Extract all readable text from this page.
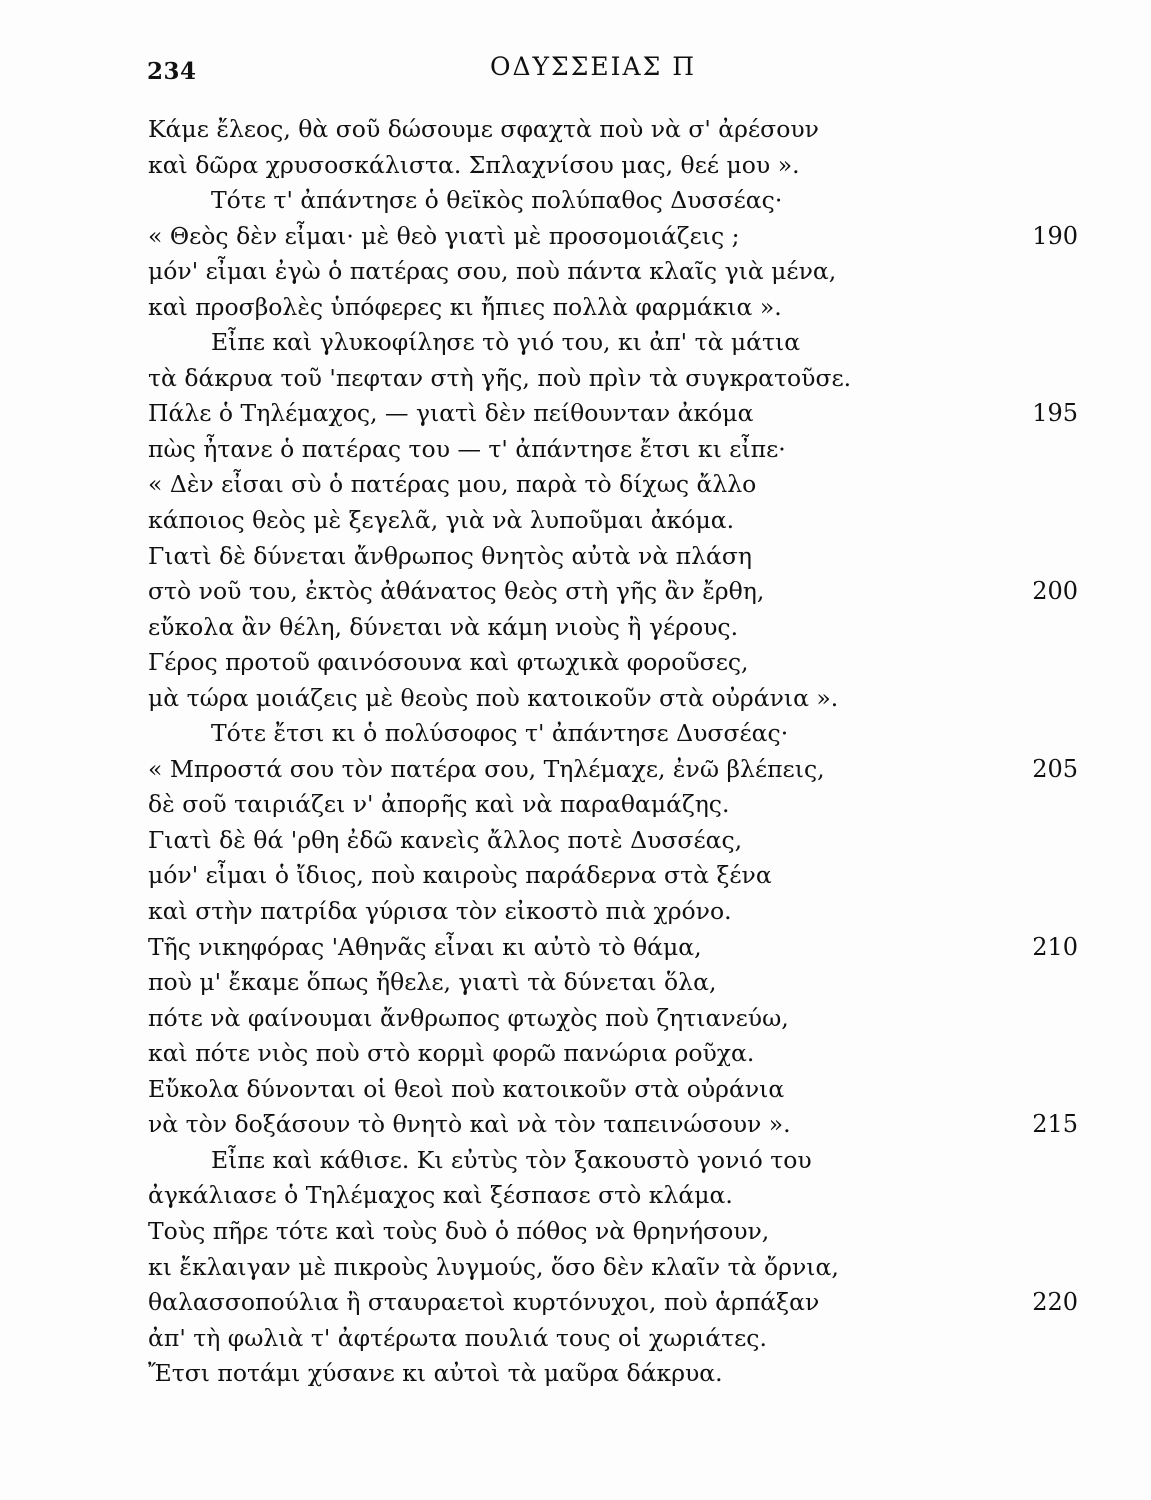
234	ΟΔΥΣΣΕΙΑΣ Π
Κάμε ἔλεος, θὰ σοῦ δώσουμε σφαχτὰ ποὺ νὰ σ' ἀρέσουν
καὶ δῶρα χρυσοσκάλιστα. Σπλαχνίσου μας, θεέ μου ».
Τότε τ' ἀπάντησε ὁ θεϊκὸς πολύπαθος Δυσσέας·
« Θεὸς δὲν εἶμαι· μὲ θεὸ γιατὶ μὲ προσομοιάζεις ;	190
μόν' εἶμαι ἐγὼ ὁ πατέρας σου, ποὺ πάντα κλαῖς γιὰ μένα,
καὶ προσβολὲς ὑπόφερες κι ἤπιες πολλὰ φαρμάκια ».
Εἶπε καὶ γλυκοφίλησε τὸ γιό του, κι ἀπ' τὰ μάτια
τὰ δάκρυα τοῦ 'πεφταν στὴ γῆς, ποὺ πρὶν τὰ συγκρατοῦσε.
Πάλε ὁ Τηλέμαχος, — γιατὶ δὲν πείθουνταν ἀκόμα	195
πὼς ἦτανε ὁ πατέρας του — τ' ἀπάντησε ἔτσι κι εἶπε·
« Δὲν εἶσαι σὺ ὁ πατέρας μου, παρὰ τὸ δίχως ἄλλο
κάποιος θεὸς μὲ ξεγελᾶ, γιὰ νὰ λυποῦμαι ἀκόμα.
Γιατὶ δὲ δύνεται ἄνθρωπος θνητὸς αὐτὰ νὰ πλάση
στὸ νοῦ του, ἐκτὸς ἀθάνατος θεὸς στὴ γῆς ἂν ἔρθη,	200
εὔκολα ἂν θέλη, δύνεται νὰ κάμη νιοὺς ἢ γέρους.
Γέρος προτοῦ φαινόσουνα καὶ φτωχικὰ φοροῦσες,
μὰ τώρα μοιάζεις μὲ θεοὺς ποὺ κατοικοῦν στὰ οὐράνια ».
Τότε ἔτσι κι ὁ πολύσοφος τ' ἀπάντησε Δυσσέας·
« Μπροστά σου τὸν πατέρα σου, Τηλέμαχε, ἐνῶ βλέπεις,	205
δὲ σοῦ ταιριάζει ν' ἀπορῆς καὶ νὰ παραθαμάζης.
Γιατὶ δὲ θά 'ρθη ἐδῶ κανεὶς ἄλλος ποτὲ Δυσσέας,
μόν' εἶμαι ὁ ἴδιος, ποὺ καιροὺς παράδερνα στὰ ξένα
καὶ στὴν πατρίδα γύρισα τὸν εἰκοστὸ πιὰ χρόνο.
Τῆς νικηφόρας 'Αθηνᾶς εἶναι κι αὐτὸ τὸ θάμα,	210
ποὺ μ' ἔκαμε ὅπως ἤθελε, γιατὶ τὰ δύνεται ὅλα,
πότε νὰ φαίνουμαι ἄνθρωπος φτωχὸς ποὺ ζητιανεύω,
καὶ πότε νιὸς ποὺ στὸ κορμὶ φορῶ πανώρια ροῦχα.
Εὔκολα δύνονται οἱ θεοὶ ποὺ κατοικοῦν στὰ οὐράνια
νὰ τὸν δοξάσουν τὸ θνητὸ καὶ νὰ τὸν ταπεινώσουν ».	215
Εἶπε καὶ κάθισε. Κι εὐτὺς τὸν ξακουστὸ γονιό του
ἀγκάλιασε ὁ Τηλέμαχος καὶ ξέσπασε στὸ κλάμα.
Τοὺς πῆρε τότε καὶ τοὺς δυὸ ὁ πόθος νὰ θρηνήσουν,
κι ἔκλαιγαν μὲ πικροὺς λυγμούς, ὅσο δὲν κλαῖν τὰ ὄρνια,
θαλασσοπούλια ἢ σταυραετοὶ κυρτόνυχοι, ποὺ ἁρπάξαν	220
ἀπ' τὴ φωλιὰ τ' ἀφτέρωτα πουλιά τους οἱ χωριάτες.
Ἔτσι ποτάμι χύσανε κι αὐτοὶ τὰ μαῦρα δάκρυα.
